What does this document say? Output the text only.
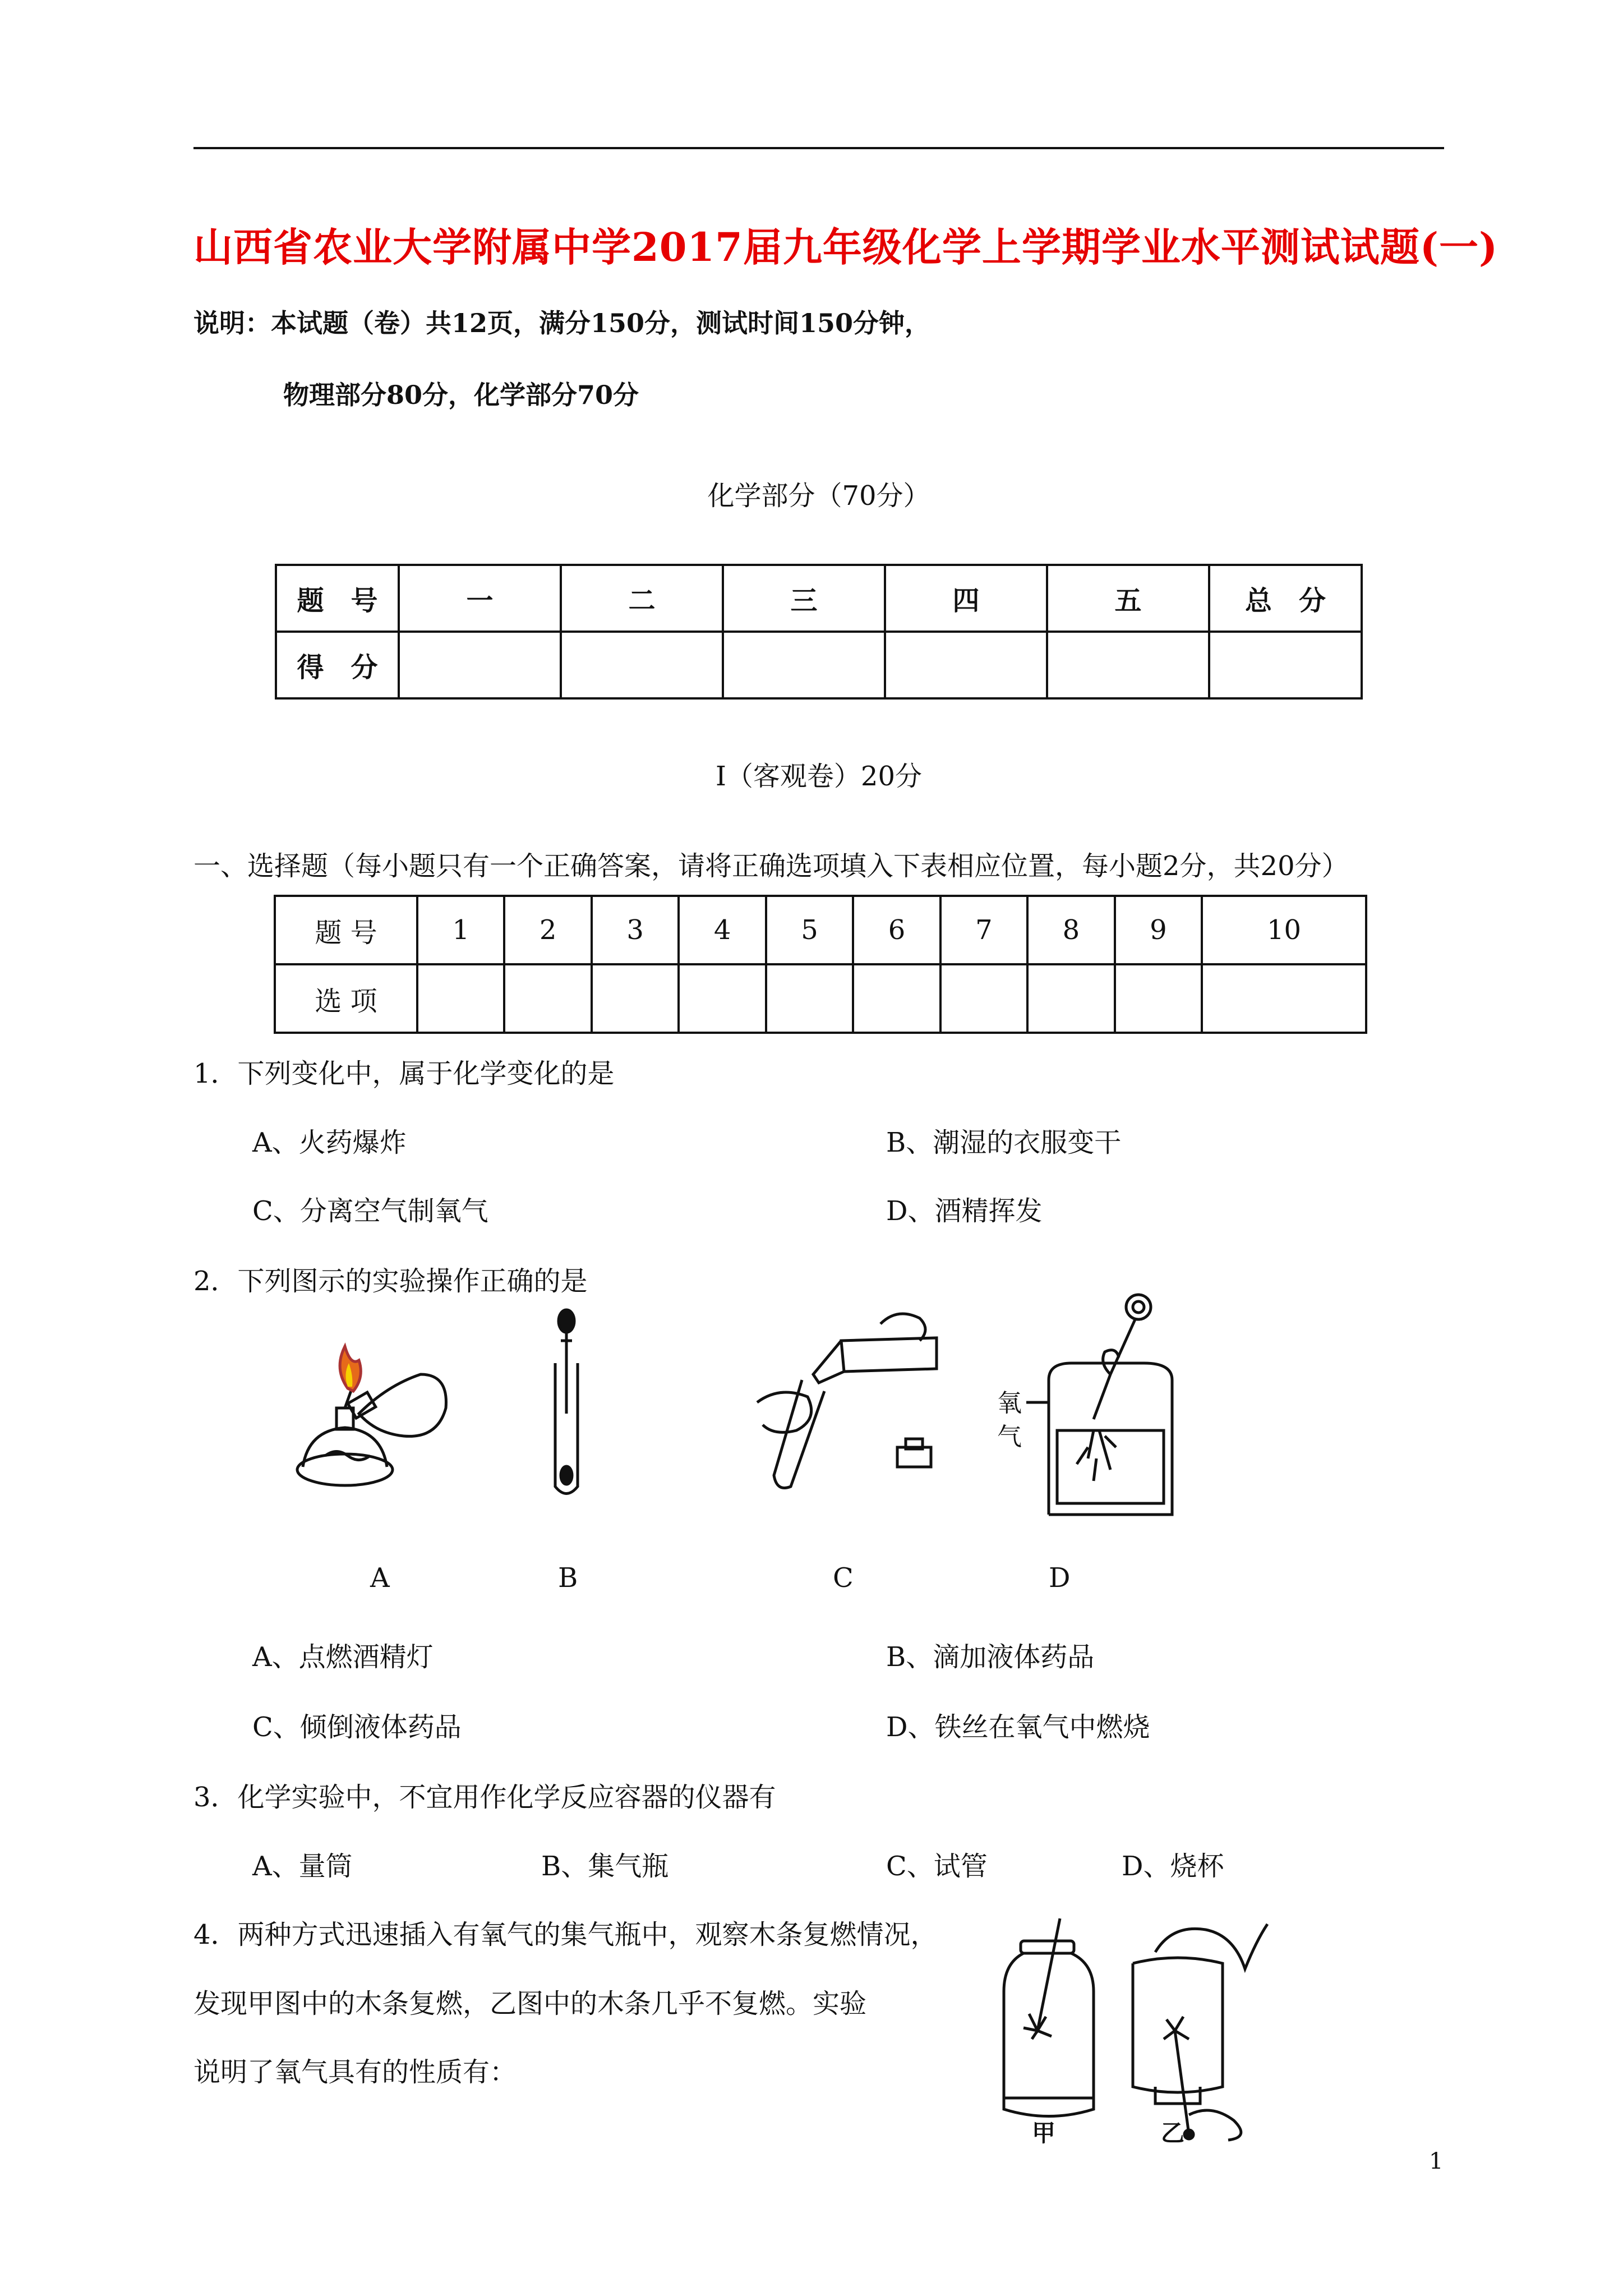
山西省农业大学附属中学2017届九年级化学上学期学业水平测试试题(一)
说明：本试题（卷）共12页，满分150分，测试时间150分钟，
物理部分80分，化学部分70分
化学部分（70分）
题　号	一	二	三	四	五	总　分
得　分						
Ⅰ（客观卷）20分
一、选择题（每小题只有一个正确答案，请将正确选项填入下表相应位置，每小题2分，共20分）
题 号	1	2	3	4	5	6	7	8	9	10
选 项										
1．下列变化中，属于化学变化的是
A、火药爆炸	B、潮湿的衣服变干
C、分离空气制氧气	D、酒精挥发
2．下列图示的实验操作正确的是
氧
气
A	B	C	D
A、点燃酒精灯	B、滴加液体药品
C、倾倒液体药品	D、铁丝在氧气中燃烧
3．化学实验中，不宜用作化学反应容器的仪器有
A、量筒	B、集气瓶	C、试管	D、烧杯
4．两种方式迅速插入有氧气的集气瓶中，观察木条复燃情况，
发现甲图中的木条复燃，乙图中的木条几乎不复燃。实验
说明了氧气具有的性质有：
甲	乙
1
